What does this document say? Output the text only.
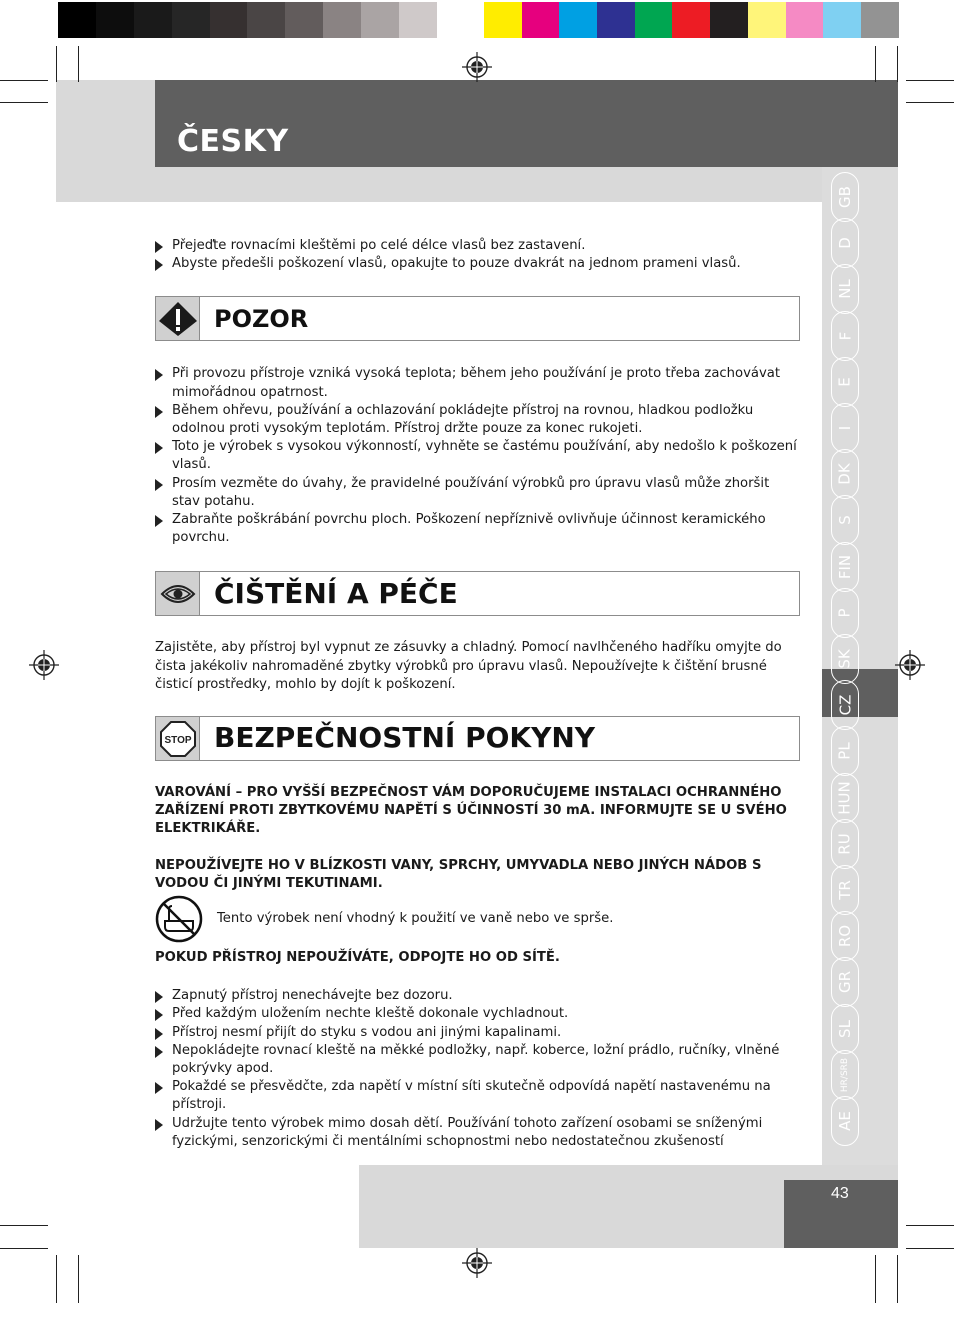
ČESKY
GB
D
NL
F
E
I
DK
S
FIN
P
SK
CZ
PL
HUN
RU
TR
RO
GR
SL
HR/SRB
AE
Přejeďte rovnacími kleštěmi po celé délce vlasů bez zastavení.
Abyste předešli poškození vlasů, opakujte to pouze dvakrát na jednom prameni vlasů.
POZOR
Při provozu přístroje vzniká vysoká teplota; během jeho používání je proto třeba zachovávat mimořádnou opatrnost.
Během ohřevu, používání a ochlazování pokládejte přístroj na rovnou, hladkou podložku odolnou proti vysokým teplotám. Přístroj držte pouze za konec rukojeti.
Toto je výrobek s vysokou výkonností, vyhněte se častému používání, aby nedošlo k poškození vlasů.
Prosím vezměte do úvahy, že pravidelné používání výrobků pro úpravu vlasů může zhoršit stav potahu.
Zabraňte poškrábání povrchu ploch. Poškození nepříznivě ovlivňuje účinnost keramického povrchu.
ČIŠTĚNÍ A PÉČE

Zajistěte, aby přístroj byl vypnut ze zásuvky a chladný. Pomocí navlhčeného hadříku omyjte do čista jakékoliv nahromaděné zbytky výrobků pro úpravu vlasů. Nepoužívejte k čištění brusné čisticí prostředky, mohlo by dojít k poškození.

STOP BEZPEČNOSTNÍ POKYNY

VAROVÁNÍ – PRO VYŠŠÍ BEZPEČNOST VÁM DOPORUČUJEME INSTALACI OCHRANNÉHO ZAŘÍZENÍ PROTI ZBYTKOVÉMU NAPĚTÍ S ÚČINNOSTÍ 30 mA. INFORMUJTE SE U SVÉHO ELEKTRIKÁŘE.

NEPOUŽÍVEJTE HO V BLÍZKOSTI VANY, SPRCHY, UMYVADLA NEBO JINÝCH NÁDOB S VODOU ČI JINÝMI TEKUTINAMI.

Tento výrobek není vhodný k použití ve vaně nebo ve sprše.

POKUD PŘÍSTROJ NEPOUŽÍVÁTE, ODPOJTE HO OD SÍTĚ.

Zapnutý přístroj nenechávejte bez dozoru.
Před každým uložením nechte kleště dokonale vychladnout.
Přístroj nesmí přijít do styku s vodou ani jinými kapalinami.
Nepokládejte rovnací kleště na měkké podložky, např. koberce, ložní prádlo, ručníky, vlněné pokrývky apod.
Pokaždé se přesvědčte, zda napětí v místní síti skutečně odpovídá napětí nastavenému na přístroji.
Udržujte tento výrobek mimo dosah dětí. Používání tohoto zařízení osobami se sníženými fyzickými, senzorickými či mentálními schopnostmi nebo nedostatečnou zkušeností
43
